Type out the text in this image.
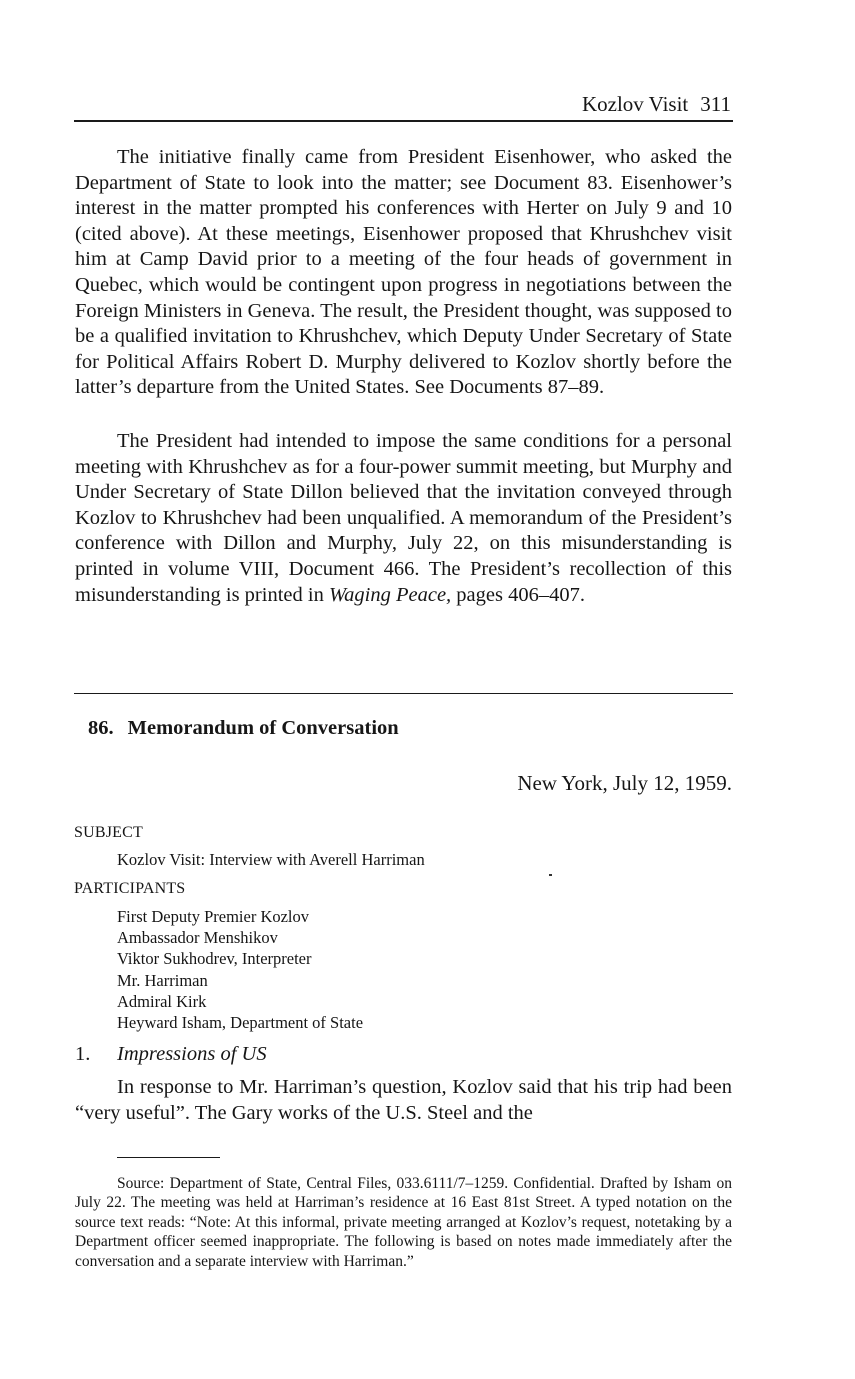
Kozlov Visit 311

The initiative finally came from President Eisenhower, who asked the Department of State to look into the matter; see Document 83. Eisenhower’s interest in the matter prompted his conferences with Herter on July 9 and 10 (cited above). At these meetings, Eisenhower proposed that Khrushchev visit him at Camp David prior to a meeting of the four heads of government in Quebec, which would be contingent upon progress in negotiations between the Foreign Ministers in Geneva. The result, the President thought, was supposed to be a qualified invitation to Khrushchev, which Deputy Under Secretary of State for Political Affairs Robert D. Murphy delivered to Kozlov shortly before the latter’s departure from the United States. See Documents 87–89.

The President had intended to impose the same conditions for a personal meeting with Khrushchev as for a four-power summit meeting, but Murphy and Under Secretary of State Dillon believed that the invitation conveyed through Kozlov to Khrushchev had been unqualified. A memorandum of the President’s conference with Dillon and Murphy, July 22, on this misunderstanding is printed in volume VIII, Document 466. The President’s recollection of this misunderstanding is printed in Waging Peace, pages 406–407.

86. Memorandum of Conversation
New York, July 12, 1959.
SUBJECT
Kozlov Visit: Interview with Averell Harriman
PARTICIPANTS
First Deputy Premier Kozlov
Ambassador Menshikov
Viktor Sukhodrev, Interpreter
Mr. Harriman
Admiral Kirk
Heyward Isham, Department of State
1. Impressions of US

In response to Mr. Harriman’s question, Kozlov said that his trip had been “very useful”. The Gary works of the U.S. Steel and the

Source: Department of State, Central Files, 033.6111/7–1259. Confidential. Drafted by Isham on July 22. The meeting was held at Harriman’s residence at 16 East 81st Street. A typed notation on the source text reads: “Note: At this informal, private meeting arranged at Kozlov’s request, notetaking by a Department officer seemed inappropriate. The following is based on notes made immediately after the conversation and a separate interview with Harriman.”
